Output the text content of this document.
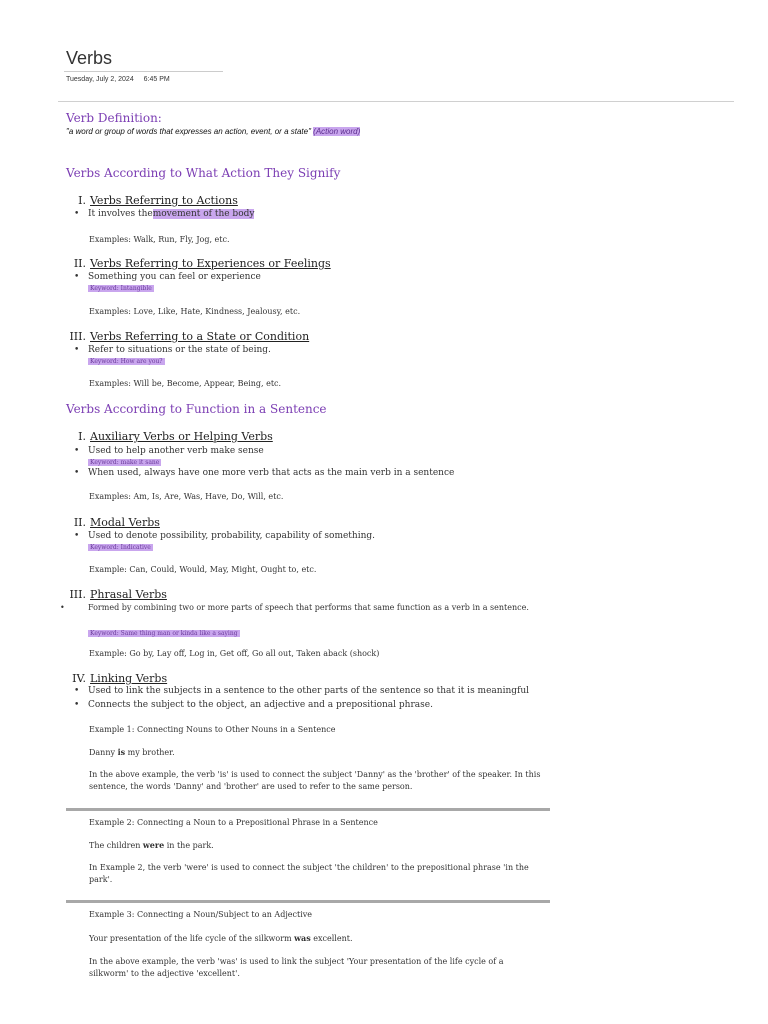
Verbs
Tuesday, July 2, 2024 6:45 PM
Verb Definition:
"a word or group of words that expresses an action, event, or a state" (Action word)
Verbs According to What Action They Signify
I. Verbs Referring to Actions
• It involves themovement of the body
Examples: Walk, Run, Fly, Jog, etc.
II. Verbs Referring to Experiences or Feelings
• Something you can feel or experience
Keyword: Intangible
Examples: Love, Like, Hate, Kindness, Jealousy, etc.
III. Verbs Referring to a State or Condition
• Refer to situations or the state of being.
Keyword: How are you?
Examples: Will be, Become, Appear, Being, etc.
Verbs According to Function in a Sentence
I. Auxiliary Verbs or Helping Verbs
• Used to help another verb make sense
Keyword: make it sane
• When used, always have one more verb that acts as the main verb in a sentence
Examples: Am, Is, Are, Was, Have, Do, Will, etc.
II. Modal Verbs
• Used to denote possibility, probability, capability of something.
Keyword: Indicative
Example: Can, Could, Would, May, Might, Ought to, etc.
III. Phrasal Verbs
•	Formed by combining two or more parts of speech that performs that same function as a verb in a sentence.
Keyword: Same thing man or kinda like a saying
Example: Go by, Lay off, Log in, Get off, Go all out, Taken aback (shock)
IV. Linking Verbs
• Used to link the subjects in a sentence to the other parts of the sentence so that it is meaningful
• Connects the subject to the object, an adjective and a prepositional phrase.
Example 1: Connecting Nouns to Other Nouns in a Sentence
Danny is my brother.
In the above example, the verb 'is' is used to connect the subject 'Danny' as the 'brother' of the speaker. In this sentence, the words 'Danny' and 'brother' are used to refer to the same person.
Example 2: Connecting a Noun to a Prepositional Phrase in a Sentence
The children were in the park.
In Example 2, the verb 'were' is used to connect the subject 'the children' to the prepositional phrase 'in the park'.
Example 3: Connecting a Noun/Subject to an Adjective
Your presentation of the life cycle of the silkworm was excellent.
In the above example, the verb 'was' is used to link the subject 'Your presentation of the life cycle of a silkworm' to the adjective 'excellent'.
